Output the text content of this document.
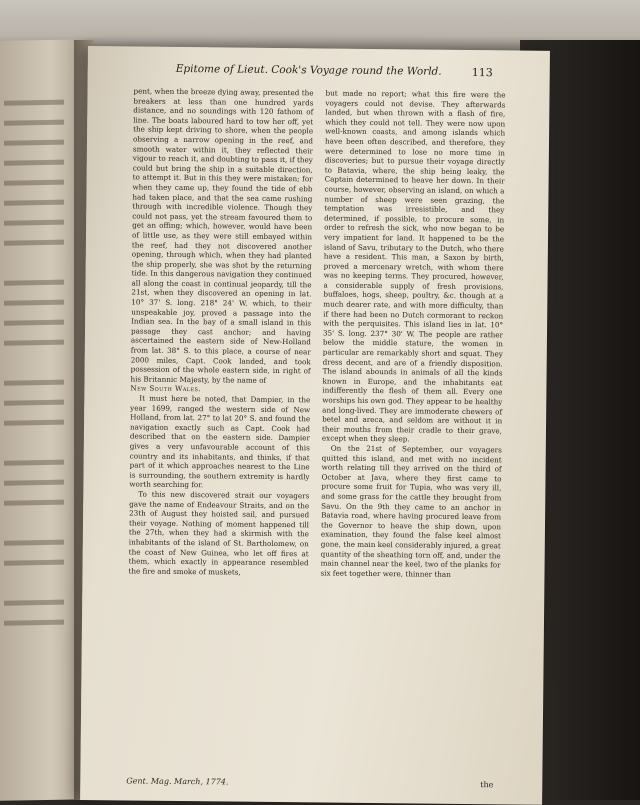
Epitome of Lieut. Cook's Voyage round the World.	113

pent, when the breeze dying away, presented the breakers at less than one hundred yards distance, and no soundings with 120 fathom of line. The boats laboured hard to tow her off, yet the ship kept driving to shore, when the people observing a narrow opening in the reef, and smooth water within it, they reflected their vigour to reach it, and doubting to pass it, if they could but bring the ship in a suitable direction, to attempt it. But in this they were mistaken; for when they came up, they found the tide of ebb had taken place, and that the sea came rushing through with incredible violence. Though they could not pass, yet the stream favoured them to get an offing; which, however, would have been of little use, as they were still embayed within the reef, had they not discovered another opening, through which, when they had planted the ship properly, she was shot by the returning tide. In this dangerous navigation they continued all along the coast in continual jeopardy, till the 21st, when they discovered an opening in lat. 10° 37' S. long. 218° 24' W. which, to their unspeakable joy, proved a passage into the Indian sea. In the bay of a small island in this passage they cast anchor; and having ascertained the eastern side of New-Holland from lat. 38° S. to this place, a course of near 2000 miles, Capt. Cook landed, and took possession of the whole eastern side, in right of his Britannic Majesty, by the name of

New South Wales.

It must here be noted, that Dampier, in the year 1699, ranged the western side of New Holland, from lat. 27° to lat 20° S. and found the navigation exactly such as Capt. Cook had described that on the eastern side. Dampier gives a very unfavourable account of this country and its inhabitants, and thinks, if that part of it which approaches nearest to the Line is surrounding, the southern extremity is hardly worth searching for.

To this new discovered strait our voyagers gave the name of Endeavour Straits, and on the 23th of August they hoisted sail, and pursued their voyage. Nothing of moment happened till the 27th, when they had a skirmish with the inhabitants of the island of St. Bartholomew, on the coast of New Guinea, who let off fires at them, which exactly in appearance resembled the fire and smoke of muskets,

but made no report; what this fire were the voyagers could not devise. They afterwards landed, but when thrown with a flash of fire, which they could not tell. They were now upon well-known coasts, and among islands which have been often described, and therefore, they were determined to lose no more time in discoveries; but to pursue their voyage directly to Batavia, where, the ship being leaky, the Captain determined to heave her down. In their course, however, observing an island, on which a number of sheep were seen grazing, the temptation was irresistible, and they determined, if possible, to procure some, in order to refresh the sick, who now began to be very impatient for land. It happened to be the island of Savu, tributary to the Dutch, who there have a resident. This man, a Saxon by birth, proved a mercenary wretch, with whom there was no keeping terms. They procured, however, a considerable supply of fresh provisions, buffaloes, hogs, sheep, poultry, &c. though at a much dearer rate, and with more difficulty, than if there had been no Dutch cormorant to reckon with the perquisites. This island lies in lat. 10° 35' S. long. 237° 30' W. The people are rather below the middle stature, the women in particular are remarkably short and squat. They dress decent, and are of a friendly disposition. The island abounds in animals of all the kinds known in Europe, and the inhabitants eat indifferently the flesh of them all. Every one worships his own god. They appear to be healthy and long-lived. They are immoderate chewers of betel and areca, and seldom are without it in their mouths from their cradle to their grave, except when they sleep.

On the 21st of September, our voyagers quitted this island, and met with no incident worth relating till they arrived on the third of October at Java, where they first came to procure some fruit for Tupia, who was very ill, and some grass for the cattle they brought from Savu. On the 9th they came to an anchor in Batavia road, where having procured leave from the Governor to heave the ship down, upon examination, they found the false keel almost gone, the main keel considerably injured, a great quantity of the sheathing torn off, and, under the main channel near the keel, two of the planks for six feet together were, thinner than

Gent. Mag. March, 1774.	the
